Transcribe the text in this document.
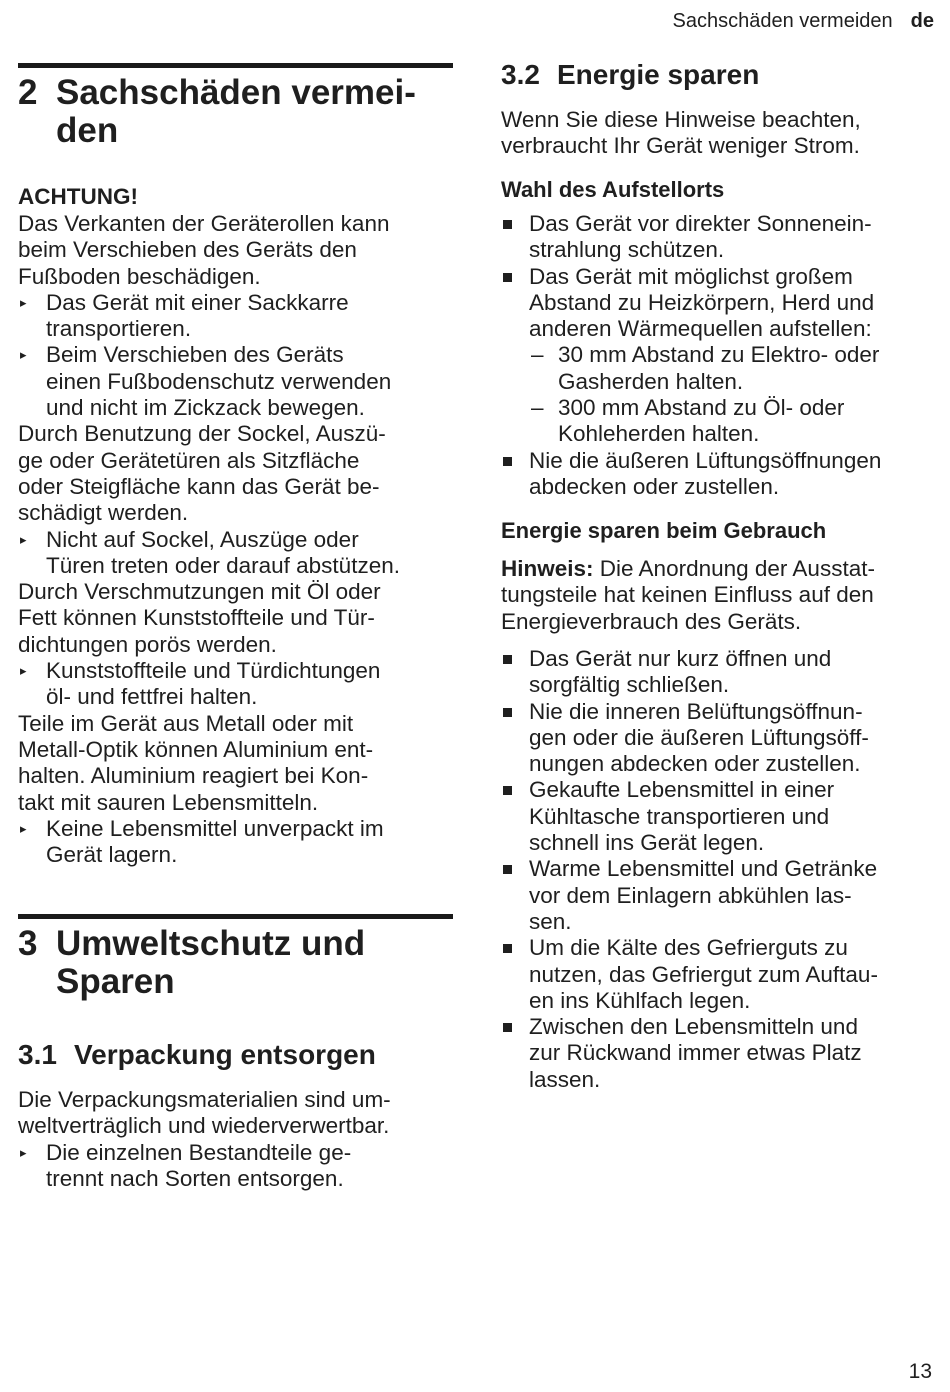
Sachschäden vermeiden de
2 Sachschäden vermei-
den
ACHTUNG!
Das Verkanten der Geräterollen kann
beim Verschieben des Geräts den
Fußboden beschädigen.
▸ Das Gerät mit einer Sackkarre
transportieren.
▸ Beim Verschieben des Geräts
einen Fußbodenschutz verwenden
und nicht im Zickzack bewegen.
Durch Benutzung der Sockel, Auszü-
ge oder Gerätetüren als Sitzfläche
oder Steigfläche kann das Gerät be-
schädigt werden.
▸ Nicht auf Sockel, Auszüge oder
Türen treten oder darauf abstützen.
Durch Verschmutzungen mit Öl oder
Fett können Kunststoffteile und Tür-
dichtungen porös werden.
▸ Kunststoffteile und Türdichtungen
öl- und fettfrei halten.
Teile im Gerät aus Metall oder mit
Metall-Optik können Aluminium ent-
halten. Aluminium reagiert bei Kon-
takt mit sauren Lebensmitteln.
▸ Keine Lebensmittel unverpackt im
Gerät lagern.
3 Umweltschutz und
Sparen
3.1 Verpackung entsorgen
Die Verpackungsmaterialien sind um-
weltverträglich und wiederverwertbar.
▸ Die einzelnen Bestandteile ge-
trennt nach Sorten entsorgen.
3.2 Energie sparen
Wenn Sie diese Hinweise beachten,
verbraucht Ihr Gerät weniger Strom.
Wahl des Aufstellorts
Das Gerät vor direkter Sonnenein-
strahlung schützen.
Das Gerät mit möglichst großem
Abstand zu Heizkörpern, Herd und
anderen Wärmequellen aufstellen:
– 30 mm Abstand zu Elektro- oder
Gasherden halten.
– 300 mm Abstand zu Öl- oder
Kohleherden halten.
Nie die äußeren Lüftungsöffnungen
abdecken oder zustellen.
Energie sparen beim Gebrauch
Hinweis: Die Anordnung der Ausstat-
tungsteile hat keinen Einfluss auf den
Energieverbrauch des Geräts.
Das Gerät nur kurz öffnen und
sorgfältig schließen.
Nie die inneren Belüftungsöffnun-
gen oder die äußeren Lüftungsöff-
nungen abdecken oder zustellen.
Gekaufte Lebensmittel in einer
Kühltasche transportieren und
schnell ins Gerät legen.
Warme Lebensmittel und Getränke
vor dem Einlagern abkühlen las-
sen.
Um die Kälte des Gefrierguts zu
nutzen, das Gefriergut zum Auftau-
en ins Kühlfach legen.
Zwischen den Lebensmitteln und
zur Rückwand immer etwas Platz
lassen.
13
